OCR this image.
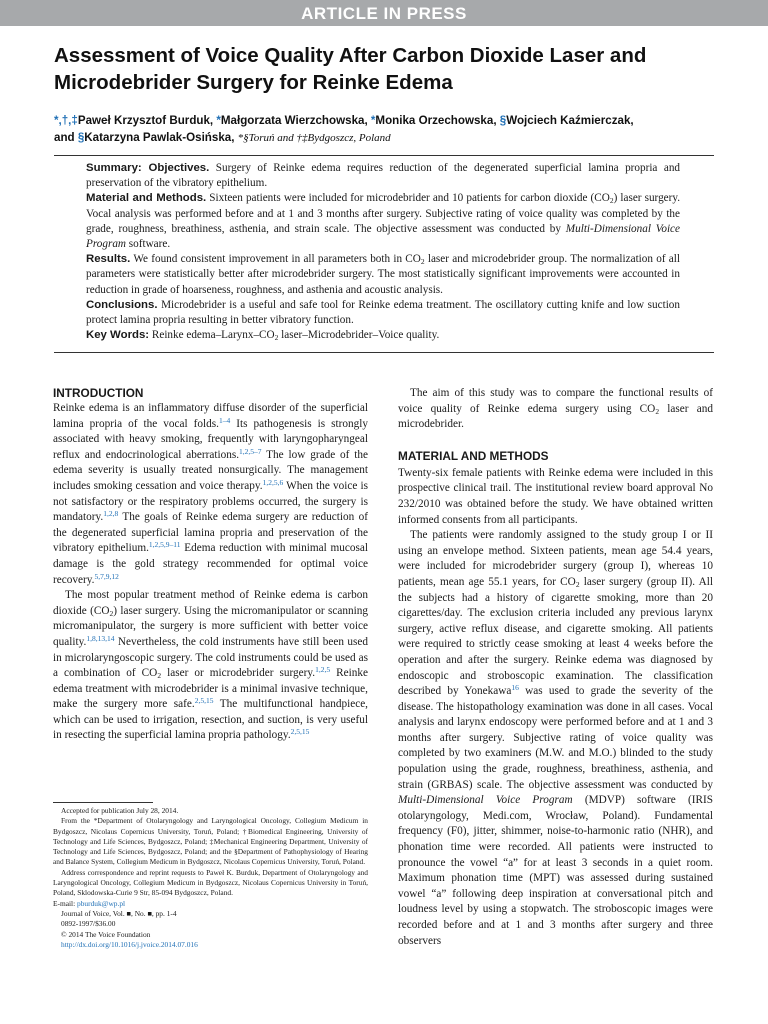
ARTICLE IN PRESS
Assessment of Voice Quality After Carbon Dioxide Laser and Microdebrider Surgery for Reinke Edema
*,†,‡Paweł Krzysztof Burduk, *Małgorzata Wierzchowska, *Monika Orzechowska, §Wojciech Kaźmierczak,
and §Katarzyna Pawlak-Osińska, *§Toruń and †‡Bydgoszcz, Poland

Summary: Objectives. Surgery of Reinke edema requires reduction of the degenerated superficial lamina propria and preservation of the vibratory epithelium.

Material and Methods. Sixteen patients were included for microdebrider and 10 patients for carbon dioxide $(CO_2)$ laser surgery. Vocal analysis was performed before and at 1 and 3 months after surgery. Subjective rating of voice quality was completed by the grade, roughness, breathiness, asthenia, and strain scale. The objective assessment was conducted by Multi-Dimensional Voice Program software.

Results. We found consistent improvement in all parameters both in $CO_2$ laser and microdebrider group. The normalization of all parameters were statistically better after microdebrider surgery. The most statistically significant improvements were accounted in reduction in grade of hoarseness, roughness, and asthenia and acoustic analysis.

Conclusions. Microdebrider is a useful and safe tool for Reinke edema treatment. The oscillatory cutting knife and low suction protect lamina propria resulting in better vibratory function.

Key Words: Reinke edema–$Larynx-CO_2$ laser–Microdebrider–Voice quality.

INTRODUCTION

Reinke edema is an inflammatory diffuse disorder of the superficial lamina propria of the vocal folds.$^{1-4}$ Its pathogenesis is strongly associated with heavy smoking, frequently with laryngopharyngeal reflux and endocrinological aberrations.$^{1,2,5-7}$ The low grade of the edema severity is usually treated nonsurgically. The management includes smoking cessation and voice therapy.$^{1,2,5,6}$ When the voice is not satisfactory or the respiratory problems occurred, the surgery is mandatory.$^{1,2,8}$ The goals of Reinke edema surgery are reduction of the degenerated superficial lamina propria and preservation of the vibratory epithelium.$^{1,2,5,9-11}$ Edema reduction with minimal mucosal damage is the gold strategy recommended for optimal voice recovery.$^{5,7,9,12}$

The most popular treatment method of Reinke edema is carbon dioxide $(CO_2)$ laser surgery. Using the micromanipulator or scanning micromanipulator, the surgery is more sufficient with better voice quality.$^{1,8,13,14}$ Nevertheless, the cold instruments have still been used in microlaryngoscopic surgery. The cold instruments could be used as a combination of $CO_2$ laser or microdebrider surgery.$^{1,2,5}$ Reinke edema treatment with microdebrider is a minimal invasive technique, make the surgery more safe.$^{2,5,15}$ The multifunctional handpiece, which can be used to irrigation, resection, and suction, is very useful in resecting the superficial lamina propria pathology.$^{2,5,15}$

Accepted for publication July 28, 2014.

From the *Department of Otolaryngology and Laryngological Oncology, Collegium Medicum in Bydgoszcz, Nicolaus Copernicus University, Toruń, Poland; †Biomedical Engineering, University of Technology and Life Sciences, Bydgoszcz, Poland; ‡Mechanical Engineering Department, University of Technology and Life Sciences, Bydgoszcz, Poland; and the §Department of Pathophysiology of Hearing and Balance System, Collegium Medicum in Bydgoszcz, Nicolaus Copernicus University, Toruń, Poland.

Address correspondence and reprint requests to Paweł K. Burduk, Department of Otolaryngology and Laryngological Oncology, Collegium Medicum in Bydgoszcz, Nicolaus Copernicus University in Toruń, Poland, Sklodowska-Curie 9 Str, 85-094 Bydgoszcz, Poland.

E-mail: pburduk@wp.pl

Journal of Voice, Vol. ■, No. ■, pp. 1-4

0892-1997/$36.00

© 2014 The Voice Foundation

http://dx.doi.org/10.1016/j.jvoice.2014.07.016

The aim of this study was to compare the functional results of voice quality of Reinke edema surgery using $CO_2$ laser and microdebrider.

MATERIAL AND METHODS

Twenty-six female patients with Reinke edema were included in this prospective clinical trail. The institutional review board approval No 232/2010 was obtained before the study. We have obtained written informed consents from all participants.

The patients were randomly assigned to the study group I or II using an envelope method. Sixteen patients, mean age 54.4 years, were included for microdebrider surgery (group I), whereas 10 patients, mean age 55.1 years, for $CO_2$ laser surgery (group II). All the subjects had a history of cigarette smoking, more than 20 cigarettes/day. The exclusion criteria included any previous larynx surgery, active reflux disease, and cigarette smoking. All patients were required to strictly cease smoking at least 4 weeks before the operation and after the surgery. Reinke edema was diagnosed by endoscopic and stroboscopic examination. The classification described by Yonekawa$^{16}$ was used to grade the severity of the disease. The histopathology examination was done in all cases. Vocal analysis and larynx endoscopy were performed before and at 1 and 3 months after surgery. Subjective rating of voice quality was completed by two examiners (M.W. and M.O.) blinded to the study population using the grade, roughness, breathiness, asthenia, and strain (GRBAS) scale. The objective assessment was conducted by Multi-Dimensional Voice Program (MDVP) software (IRIS otolaryngology, Medi.com, Wrocław, Poland). Fundamental frequency (F0), jitter, shimmer, noise-to-harmonic ratio (NHR), and phonation time were recorded. All patients were instructed to pronounce the vowel “a” for at least 3 seconds in a quiet room. Maximum phonation time (MPT) was assessed during sustained vowel “a” following deep inspiration at conversational pitch and loudness level by using a stopwatch. The stroboscopic images were recorded before and at 1 and 3 months after surgery and three observers
